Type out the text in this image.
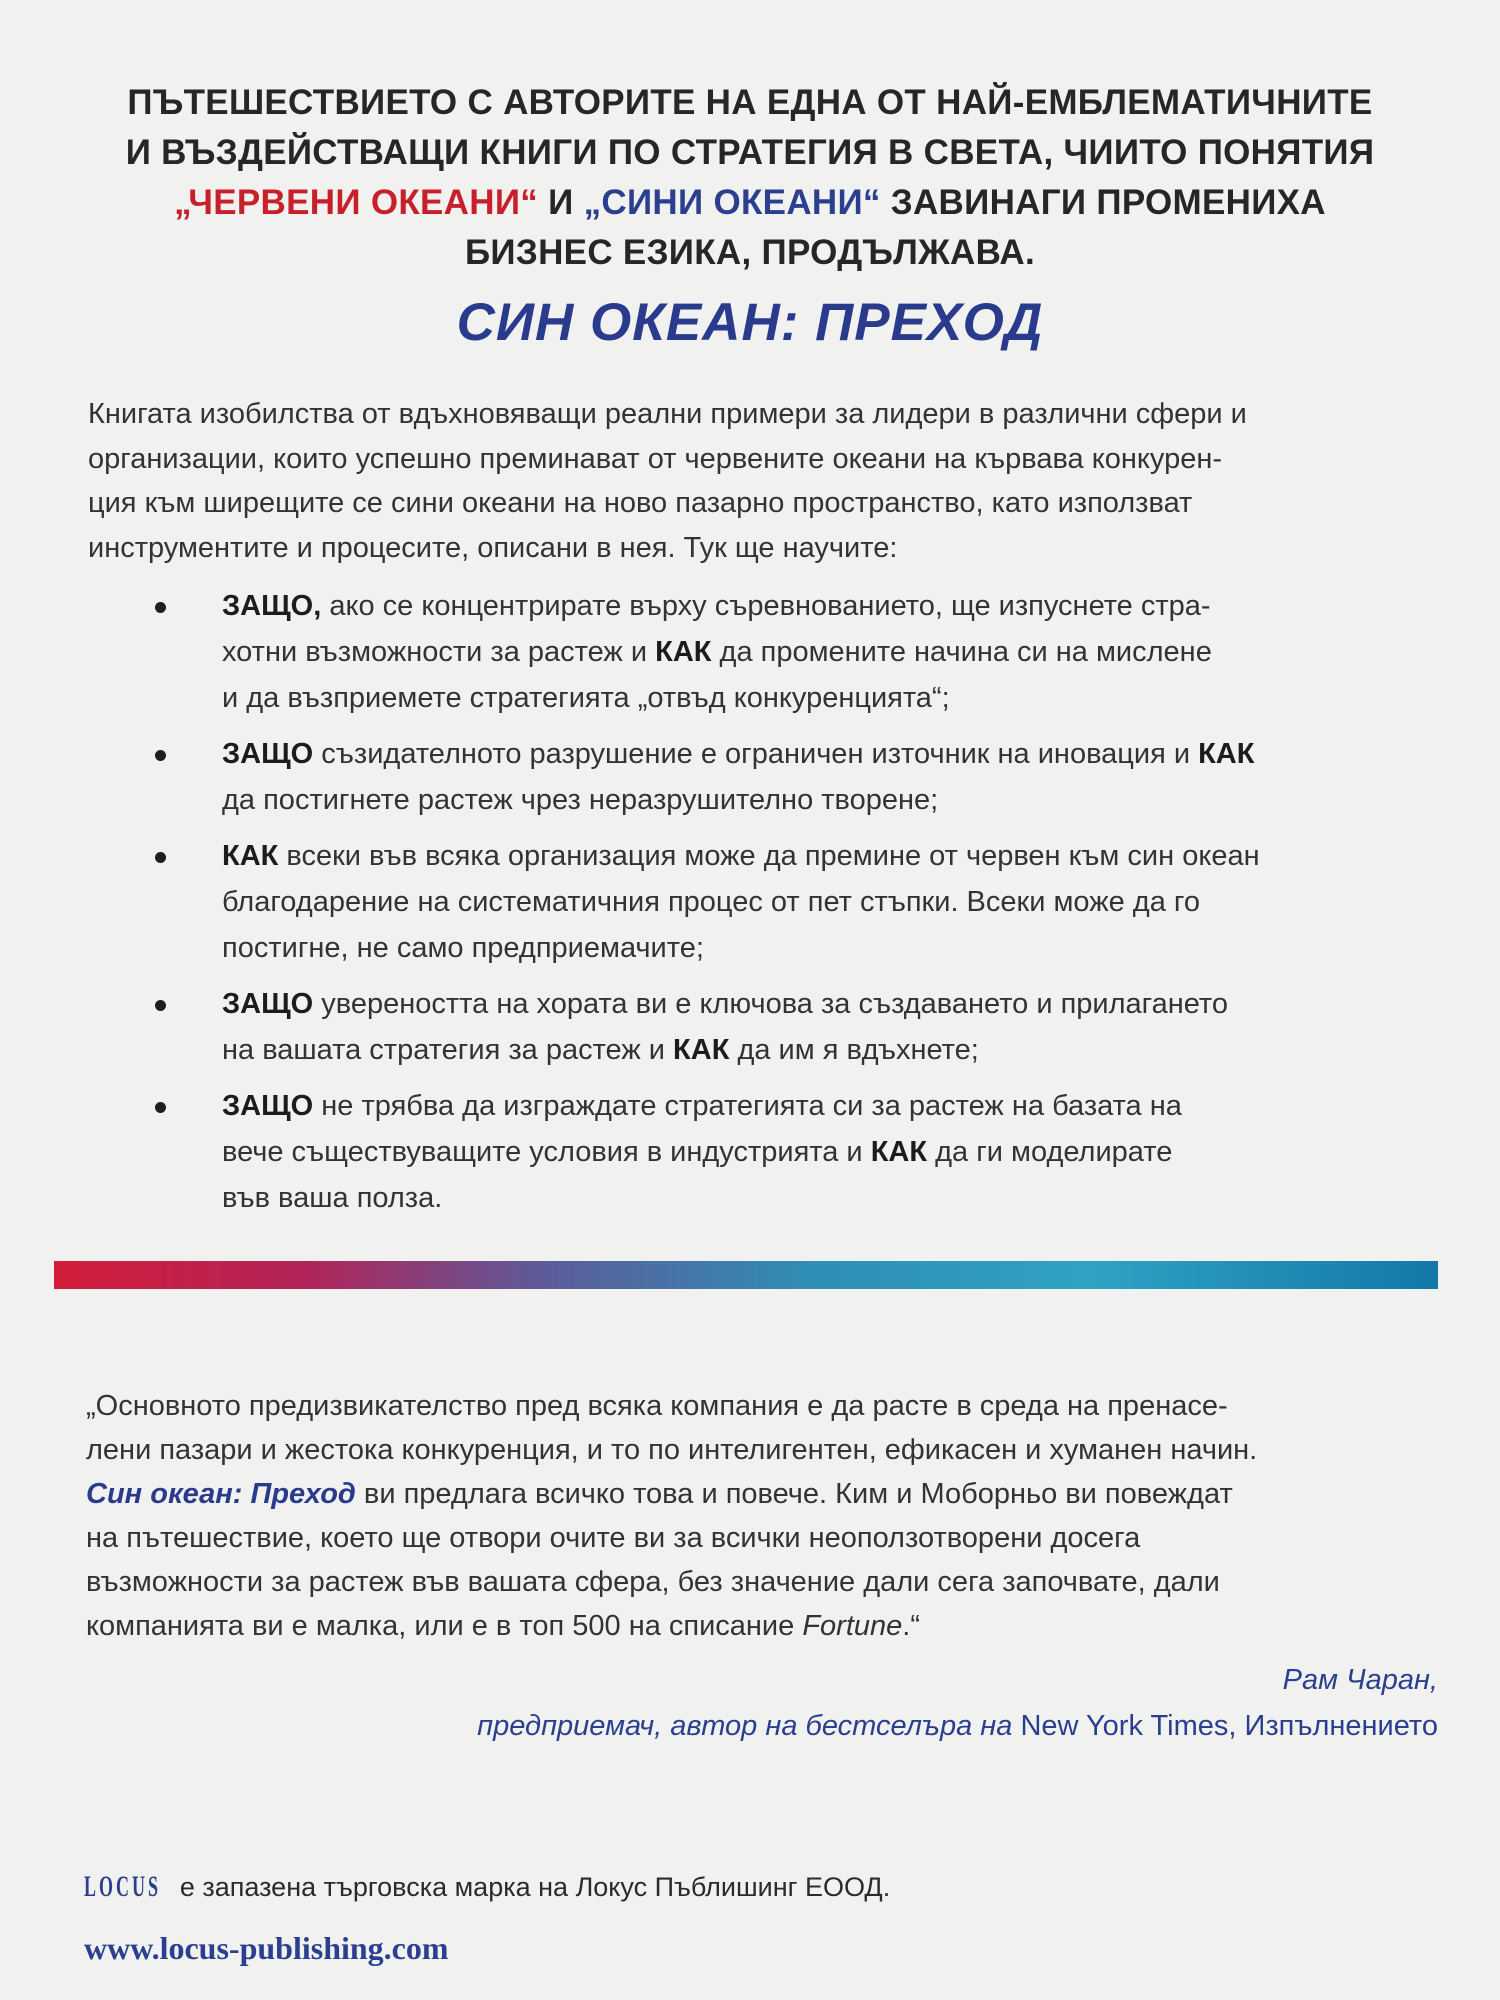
ПЪТЕШЕСТВИЕТО С АВТОРИТЕ НА ЕДНА ОТ НАЙ-ЕМБЛЕМАТИЧНИТЕ
И ВЪЗДЕЙСТВАЩИ КНИГИ ПО СТРАТЕГИЯ В СВЕТА, ЧИИТО ПОНЯТИЯ
„ЧЕРВЕНИ ОКЕАНИ“ И „СИНИ ОКЕАНИ“ ЗАВИНАГИ ПРОМЕНИХА
БИЗНЕС ЕЗИКА, ПРОДЪЛЖАВА.
СИН ОКЕАН: ПРЕХОД

Книгата изобилства от вдъхновяващи реални примери за лидери в различни сфери и
организации, които успешно преминават от червените океани на кървава конкурен-
ция към ширещите се сини океани на ново пазарно пространство, като използват
инструментите и процесите, описани в нея. Тук ще научите:

ЗАЩО, ако се концентрирате върху съревнованието, ще изпуснете стра-
хотни възможности за растеж и КАК да промените начина си на мислене
и да възприемете стратегията „отвъд конкуренцията“;
ЗАЩО съзидателното разрушение е ограничен източник на иновация и КАК
да постигнете растеж чрез неразрушително творене;
КАК всеки във всяка организация може да премине от червен към син океан
благодарение на систематичния процес от пет стъпки. Всеки може да го
постигне, не само предприемачите;
ЗАЩО увереността на хората ви е ключова за създаването и прилагането
на вашата стратегия за растеж и КАК да им я вдъхнете;
ЗАЩО не трябва да изграждате стратегията си за растеж на базата на
вече съществуващите условия в индустрията и КАК да ги моделирате
във ваша полза.

„Основното предизвикателство пред всяка компания е да расте в среда на пренасе-
лени пазари и жестока конкуренция, и то по интелигентен, ефикасен и хуманен начин.
Син океан: Преход ви предлага всичко това и повече. Ким и Моборньо ви повеждат
на пътешествие, което ще отвори очите ви за всички неоползотворени досега
възможности за растеж във вашата сфера, без значение дали сега започвате, дали
компанията ви е малка, или е в топ 500 на списание Fortune.“

Рам Чаран,
предприемач, автор на бестселъра на New York Times, Изпълнението
LOCUS е запазена търговска марка на Локус Пъблишинг ЕООД.
www.locus-publishing.com
